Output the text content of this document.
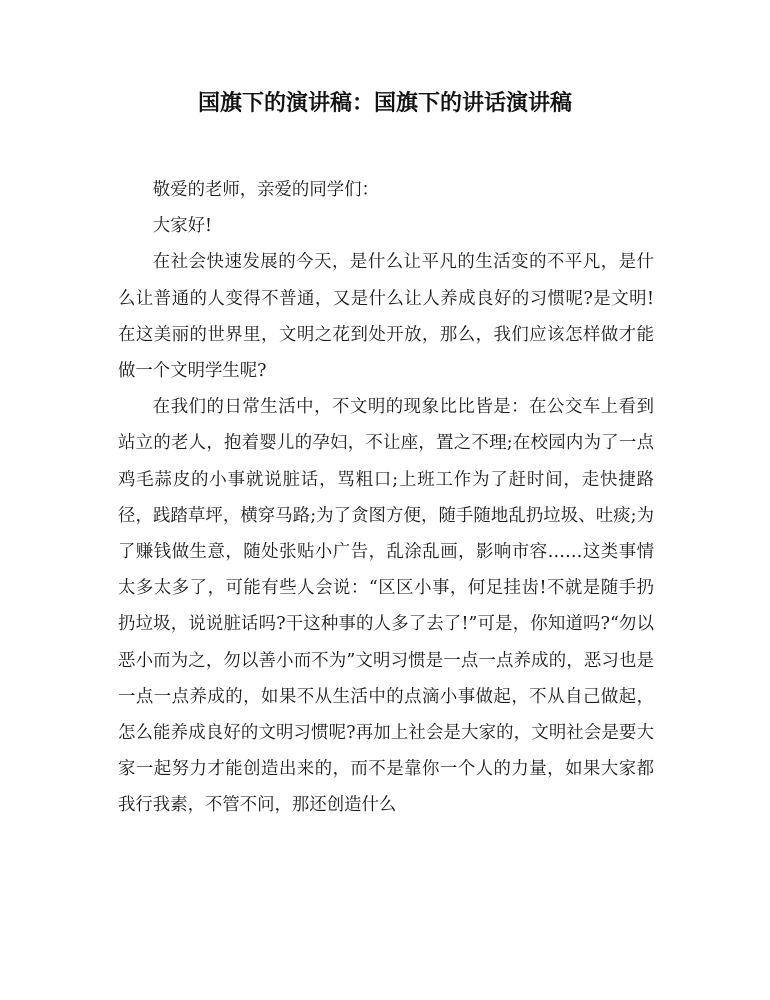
国旗下的演讲稿：国旗下的讲话演讲稿

敬爱的老师，亲爱的同学们：

大家好!

在社会快速发展的今天，是什么让平凡的生活变的不平凡，是什么让普通的人变得不普通，又是什么让人养成良好的习惯呢?是文明!在这美丽的世界里，文明之花到处开放，那么，我们应该怎样做才能做一个文明学生呢?

在我们的日常生活中，不文明的现象比比皆是：在公交车上看到站立的老人，抱着婴儿的孕妇，不让座，置之不理;在校园内为了一点鸡毛蒜皮的小事就说脏话，骂粗口;上班工作为了赶时间，走快捷路径，践踏草坪，横穿马路;为了贪图方便，随手随地乱扔垃圾、吐痰;为了赚钱做生意，随处张贴小广告，乱涂乱画，影响市容……这类事情太多太多了，可能有些人会说：“区区小事，何足挂齿!不就是随手扔扔垃圾，说说脏话吗?干这种事的人多了去了!”可是，你知道吗?“勿以恶小而为之，勿以善小而不为”文明习惯是一点一点养成的，恶习也是一点一点养成的，如果不从生活中的点滴小事做起，不从自己做起，怎么能养成良好的文明习惯呢?再加上社会是大家的，文明社会是要大家一起努力才能创造出来的，而不是靠你一个人的力量，如果大家都我行我素，不管不问，那还创造什么
